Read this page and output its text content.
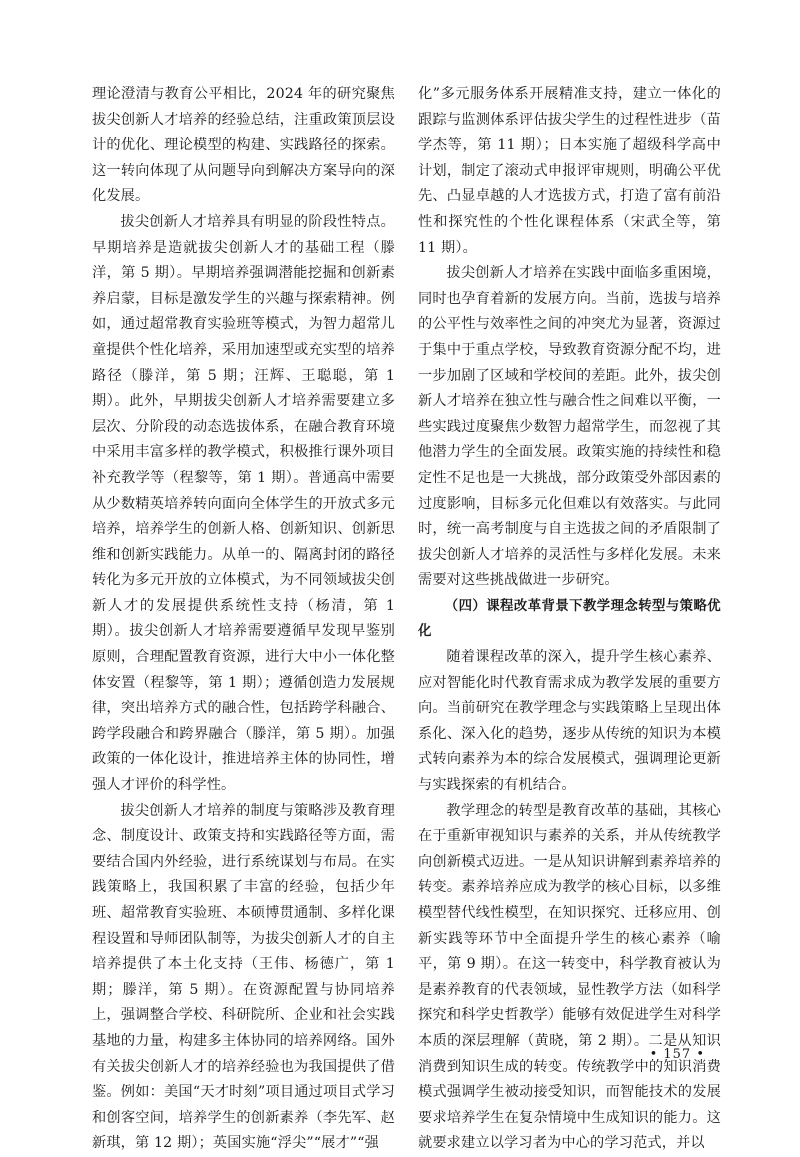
理论澄清与教育公平相比，2024 年的研究聚焦拔尖创新人才培养的经验总结，注重政策顶层设计的优化、理论模型的构建、实践路径的探索。这一转向体现了从问题导向到解决方案导向的深化发展。

拔尖创新人才培养具有明显的阶段性特点。早期培养是造就拔尖创新人才的基础工程（滕洋，第 5 期）。早期培养强调潜能挖掘和创新素养启蒙，目标是激发学生的兴趣与探索精神。例如，通过超常教育实验班等模式，为智力超常儿童提供个性化培养，采用加速型或充实型的培养路径（滕洋，第 5 期；汪辉、王聪聪，第 1 期）。此外，早期拔尖创新人才培养需要建立多层次、分阶段的动态选拔体系，在融合教育环境中采用丰富多样的教学模式，积极推行课外项目补充教学等（程黎等，第 1 期）。普通高中需要从少数精英培养转向面向全体学生的开放式多元培养，培养学生的创新人格、创新知识、创新思维和创新实践能力。从单一的、隔离封闭的路径转化为多元开放的立体模式，为不同领域拔尖创新人才的发展提供系统性支持（杨清，第 1 期）。拔尖创新人才培养需要遵循早发现早鉴别原则，合理配置教育资源，进行大中小一体化整体安置（程黎等，第 1 期）；遵循创造力发展规律，突出培养方式的融合性，包括跨学科融合、跨学段融合和跨界融合（滕洋，第 5 期）。加强政策的一体化设计，推进培养主体的协同性，增强人才评价的科学性。

拔尖创新人才培养的制度与策略涉及教育理念、制度设计、政策支持和实践路径等方面，需要结合国内外经验，进行系统谋划与布局。在实践策略上，我国积累了丰富的经验，包括少年班、超常教育实验班、本硕博贯通制、多样化课程设置和导师团队制等，为拔尖创新人才的自主培养提供了本土化支持（王伟、杨德广，第 1 期；滕洋，第 5 期）。在资源配置与协同培养上，强调整合学校、科研院所、企业和社会实践基地的力量，构建多主体协同的培养网络。国外有关拔尖创新人才的培养经验也为我国提供了借鉴。例如：美国“天才时刻”项目通过项目式学习和创客空间，培养学生的创新素养（李先军、赵新琪，第 12 期）；英国实施“浮尖”“展才”“强

化”多元服务体系开展精准支持，建立一体化的跟踪与监测体系评估拔尖学生的过程性进步（苗学杰等，第 11 期）；日本实施了超级科学高中计划，制定了滚动式申报评审规则，明确公平优先、凸显卓越的人才选拔方式，打造了富有前沿性和探究性的个性化课程体系（宋武全等，第 11 期）。

拔尖创新人才培养在实践中面临多重困境，同时也孕育着新的发展方向。当前，选拔与培养的公平性与效率性之间的冲突尤为显著，资源过于集中于重点学校，导致教育资源分配不均，进一步加剧了区域和学校间的差距。此外，拔尖创新人才培养在独立性与融合性之间难以平衡，一些实践过度聚焦少数智力超常学生，而忽视了其他潜力学生的全面发展。政策实施的持续性和稳定性不足也是一大挑战，部分政策受外部因素的过度影响，目标多元化但难以有效落实。与此同时，统一高考制度与自主选拔之间的矛盾限制了拔尖创新人才培养的灵活性与多样化发展。未来需要对这些挑战做进一步研究。

（四）课程改革背景下教学理念转型与策略优化

随着课程改革的深入，提升学生核心素养、应对智能化时代教育需求成为教学发展的重要方向。当前研究在教学理念与实践策略上呈现出体系化、深入化的趋势，逐步从传统的知识为本模式转向素养为本的综合发展模式，强调理论更新与实践探索的有机结合。

教学理念的转型是教育改革的基础，其核心在于重新审视知识与素养的关系，并从传统教学向创新模式迈进。一是从知识讲解到素养培养的转变。素养培养应成为教学的核心目标，以多维模型替代线性模型，在知识探究、迁移应用、创新实践等环节中全面提升学生的核心素养（喻平，第 9 期）。在这一转变中，科学教育被认为是素养教育的代表领域，显性教学方法（如科学探究和科学史哲教学）能够有效促进学生对科学本质的深层理解（黄晓，第 2 期）。二是从知识消费到知识生成的转变。传统教学中的知识消费模式强调学生被动接受知识，而智能技术的发展要求培养学生在复杂情境中生成知识的能力。这就要求建立以学习者为中心的学习范式，并以

• 157 •
